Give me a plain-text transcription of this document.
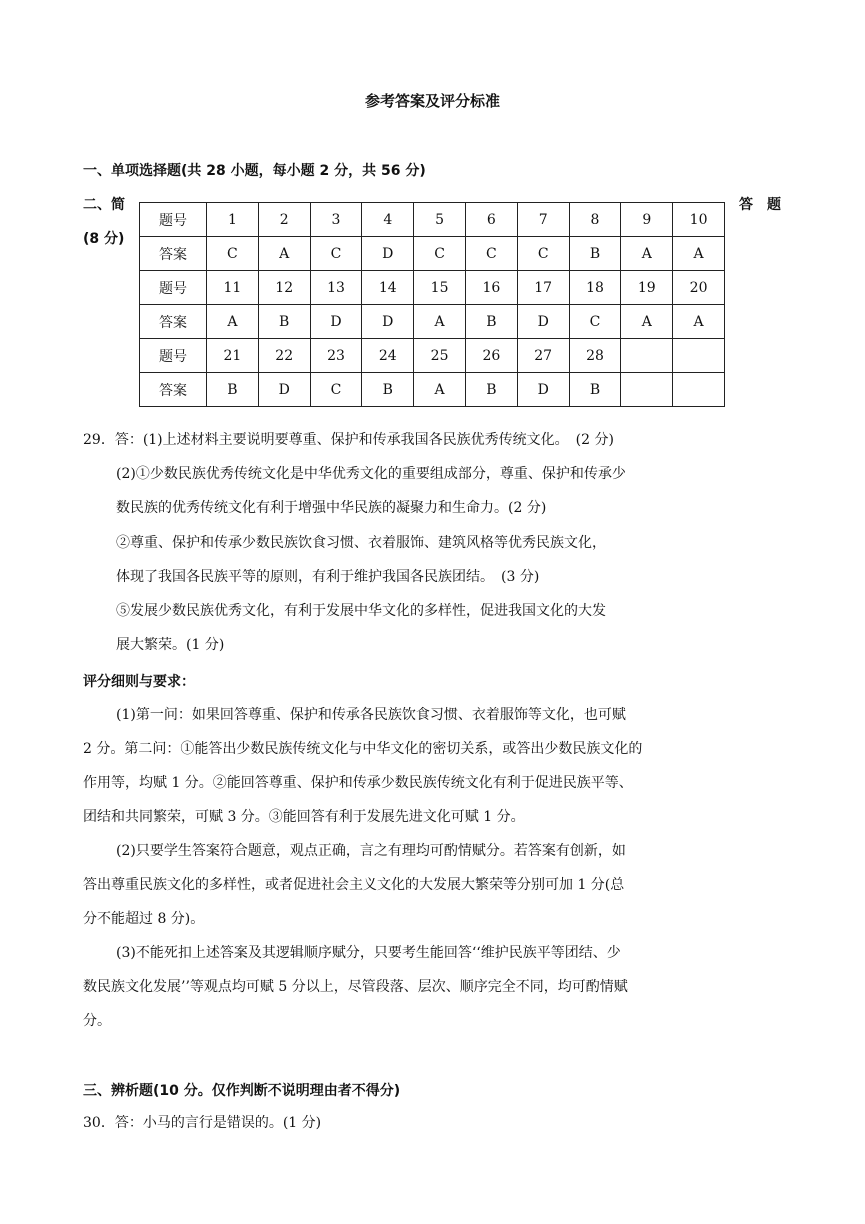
参考答案及评分标准
一、单项选择题(共 28 小题，每小题 2 分，共 56 分)
二、简	答　题
(8 分)
题号	1	2	3	4	5	6	7	8	9	10
答案	C	A	C	D	C	C	C	B	A	A
题号	11	12	13	14	15	16	17	18	19	20
答案	A	B	D	D	A	B	D	C	A	A
题号	21	22	23	24	25	26	27	28		
答案	B	D	C	B	A	B	D	B		
29．答：(1)上述材料主要说明要尊重、保护和传承我国各民族优秀传统文化。　(2 分)
(2)①少数民族优秀传统文化是中华优秀文化的重要组成部分，尊重、保护和传承少
数民族的优秀传统文化有利于增强中华民族的凝聚力和生命力。(2 分)
②尊重、保护和传承少数民族饮食习惯、衣着服饰、建筑风格等优秀民族文化，
体现了我国各民族平等的原则，有利于维护我国各民族团结。　(3 分)
⑤发展少数民族优秀文化，有利于发展中华文化的多样性，促进我国文化的大发
展大繁荣。(1 分)
评分细则与要求：
(1)第一问：如果回答尊重、保护和传承各民族饮食习惯、衣着服饰等文化，也可赋
2 分。第二问：①能答出少数民族传统文化与中华文化的密切关系，或答出少数民族文化的
作用等，均赋 1 分。②能回答尊重、保护和传承少数民族传统文化有利于促进民族平等、
团结和共同繁荣，可赋 3 分。③能回答有利于发展先进文化可赋 1 分。
(2)只要学生答案符合题意，观点正确，言之有理均可酌情赋分。若答案有创新，如
答出尊重民族文化的多样性，或者促进社会主义文化的大发展大繁荣等分别可加 1 分(总
分不能超过 8 分)。
(3)不能死扣上述答案及其逻辑顺序赋分，只要考生能回答‘‘维护民族平等团结、少
数民族文化发展’’等观点均可赋 5 分以上，尽管段落、层次、顺序完全不同，均可酌情赋
分。
三、辨析题(10 分。仅作判断不说明理由者不得分)
30．答：小马的言行是错误的。(1 分)
